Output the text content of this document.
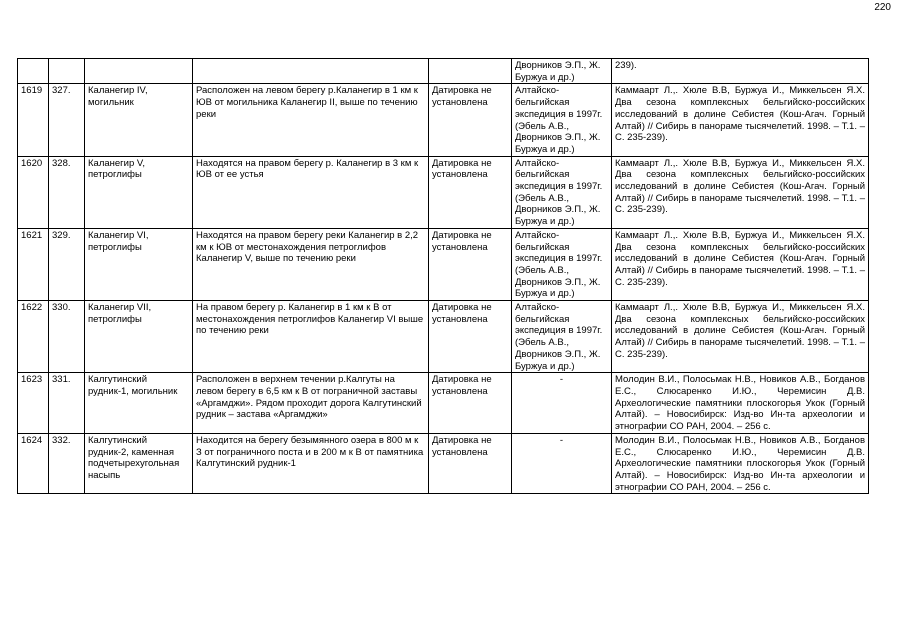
220
					Дворников Э.П., Ж. Буржуа и др.)	239).
1619	327.	Каланегир IV, могильник	Расположен на левом берегу р.Каланегир в 1 км к ЮВ от могильника Каланегир II, выше по течению реки	Датировка не установлена	Алтайско-бельгийская экспедиция в 1997г. (Эбель А.В., Дворников Э.П., Ж. Буржуа и др.)	Каммаарт Л.,. Хюле В.В, Буржуа И., Миккельсен Я.Х. Два сезона комплексных бельгийско-российских исследований в долине Себистея (Кош-Агач. Горный Алтай) // Сибирь в панораме тысячелетий. 1998. – Т.1. – С. 235-239).
1620	328.	Каланегир V, петроглифы	Находятся на правом берегу р. Каланегир в 3 км к ЮВ от ее устья	Датировка не установлена	Алтайско-бельгийская экспедиция в 1997г. (Эбель А.В., Дворников Э.П., Ж. Буржуа и др.)	Каммаарт Л.,. Хюле В.В, Буржуа И., Миккельсен Я.Х. Два сезона комплексных бельгийско-российских исследований в долине Себистея (Кош-Агач. Горный Алтай) // Сибирь в панораме тысячелетий. 1998. – Т.1. – С. 235-239).
1621	329.	Каланегир VI, петроглифы	Находятся на правом берегу реки Каланегир в 2,2 км к ЮВ от местонахождения петроглифов Каланегир V, выше по течению реки	Датировка не установлена	Алтайско-бельгийская экспедиция в 1997г. (Эбель А.В., Дворников Э.П., Ж. Буржуа и др.)	Каммаарт Л.,. Хюле В.В, Буржуа И., Миккельсен Я.Х. Два сезона комплексных бельгийско-российских исследований в долине Себистея (Кош-Агач. Горный Алтай) // Сибирь в панораме тысячелетий. 1998. – Т.1. – С. 235-239).
1622	330.	Каланегир VII, петроглифы	На правом берегу р. Каланегир в 1 км к В от местонахождения петроглифов Каланегир VI выше по течению реки	Датировка не установлена	Алтайско-бельгийская экспедиция в 1997г. (Эбель А.В., Дворников Э.П., Ж. Буржуа и др.)	Каммаарт Л.,. Хюле В.В, Буржуа И., Миккельсен Я.Х. Два сезона комплексных бельгийско-российских исследований в долине Себистея (Кош-Агач. Горный Алтай) // Сибирь в панораме тысячелетий. 1998. – Т.1. – С. 235-239).
1623	331.	Калгутинский рудник-1, могильник	Расположен в верхнем течении р.Калгуты на левом берегу в 6,5 км к В от пограничной заставы «Аргамджи». Рядом проходит дорога Калгутинский рудник – застава «Аргамджи»	Датировка не установлена	-	Молодин В.И., Полосьмак Н.В., Новиков А.В., Богданов Е.С., Слюсаренко И.Ю., Черемисин Д.В. Археологические памятники плоскогорья Укок (Горный Алтай). – Новосибирск: Изд-во Ин-та археологии и этнографии СО РАН, 2004. – 256 с.
1624	332.	Калгутинский рудник-2, каменная подчетырехугольная насыпь	Находится на берегу безымянного озера в 800 м к З от пограничного поста и в 200 м к В от памятника Калгутинский рудник-1	Датировка не установлена	-	Молодин В.И., Полосьмак Н.В., Новиков А.В., Богданов Е.С., Слюсаренко И.Ю., Черемисин Д.В. Археологические памятники плоскогорья Укок (Горный Алтай). – Новосибирск: Изд-во Ин-та археологии и этнографии СО РАН, 2004. – 256 с.
